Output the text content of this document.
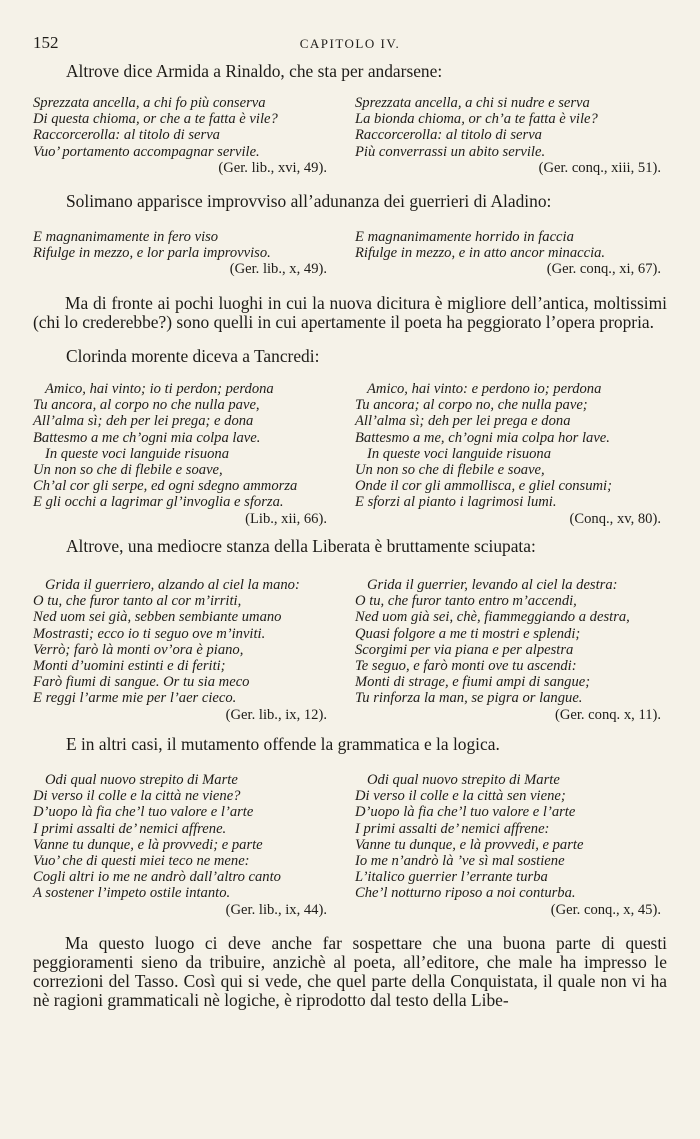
152	CAPITOLO IV.
Altrove dice Armida a Rinaldo, che sta per andarsene:
Sprezzata ancella, a chi fo più conserva
Di questa chioma, or che a te fatta è vile?
Raccorcerolla: al titolo di serva
Vuo’ portamento accompagnar servile.
(Ger. lib., xvi, 49).
Sprezzata ancella, a chi si nudre e serva
La bionda chioma, or ch’a te fatta è vile?
Raccorcerolla: al titolo di serva
Più converrassi un abito servile.
(Ger. conq., xiii, 51).
Solimano apparisce improvviso all’adunanza dei guerrieri di Aladino:
E magnanimamente in fero viso
Rifulge in mezzo, e lor parla improvviso.
(Ger. lib., x, 49).
E magnanimamente horrido in faccia
Rifulge in mezzo, e in atto ancor minaccia.
(Ger. conq., xi, 67).
Ma di fronte ai pochi luoghi in cui la nuova dicitura è migliore dell’antica, moltissimi (chi lo crederebbe?) sono quelli in cui apertamente il poeta ha peggiorato l’opera propria.
Clorinda morente diceva a Tancredi:
Amico, hai vinto; io ti perdon; perdona
Tu ancora, al corpo no che nulla pave,
All’alma sì; deh per lei prega; e dona
Battesmo a me ch’ogni mia colpa lave.
In queste voci languide risuona
Un non so che di flebile e soave,
Ch’al cor gli serpe, ed ogni sdegno ammorza
E gli occhi a lagrimar gl’invoglia e sforza.
(Lib., xii, 66).
Amico, hai vinto: e perdono io; perdona
Tu ancora; al corpo no, che nulla pave;
All’alma sì; deh per lei prega e dona
Battesmo a me, ch’ogni mia colpa hor lave.
In queste voci languide risuona
Un non so che di flebile e soave,
Onde il cor gli ammollisca, e gliel consumi;
E sforzi al pianto i lagrimosi lumi.
(Conq., xv, 80).
Altrove, una mediocre stanza della Liberata è bruttamente sciupata:
Grida il guerriero, alzando al ciel la mano:
O tu, che furor tanto al cor m’irriti,
Ned uom sei già, sebben sembiante umano
Mostrasti; ecco io ti seguo ove m’inviti.
Verrò; farò là monti ov’ora è piano,
Monti d’uomini estinti e di feriti;
Farò fiumi di sangue. Or tu sia meco
E reggi l’arme mie per l’aer cieco.
(Ger. lib., ix, 12).
Grida il guerrier, levando al ciel la destra:
O tu, che furor tanto entro m’accendi,
Ned uom già sei, chè, fiammeggiando a destra,
Quasi folgore a me ti mostri e splendi;
Scorgimi per via piana e per alpestra
Te seguo, e farò monti ove tu ascendi:
Monti di strage, e fiumi ampi di sangue;
Tu rinforza la man, se pigra or langue.
(Ger. conq. x, 11).
E in altri casi, il mutamento offende la grammatica e la logica.
Odi qual nuovo strepito di Marte
Di verso il colle e la città ne viene?
D’uopo là fia che’l tuo valore e l’arte
I primi assalti de’ nemici affrene.
Vanne tu dunque, e là provvedi; e parte
Vuo’ che di questi miei teco ne mene:
Cogli altri io me ne andrò dall’altro canto
A sostener l’impeto ostile intanto.
(Ger. lib., ix, 44).
Odi qual nuovo strepito di Marte
Di verso il colle e la città sen viene;
D’uopo là fia che’l tuo valore e l’arte
I primi assalti de’ nemici affrene:
Vanne tu dunque, e là provvedi, e parte
Io me n’andrò là ’ve sì mal sostiene
L’italico guerrier l’errante turba
Che’l notturno riposo a noi conturba.
(Ger. conq., x, 45).
Ma questo luogo ci deve anche far sospettare che una buona parte di questi peggioramenti sieno da tribuire, anzichè al poeta, all’editore, che male ha impresso le correzioni del Tasso. Così qui si vede, che quel parte della Conquistata, il quale non vi ha nè ragioni grammaticali nè logiche, è riprodotto dal testo della Libe-
